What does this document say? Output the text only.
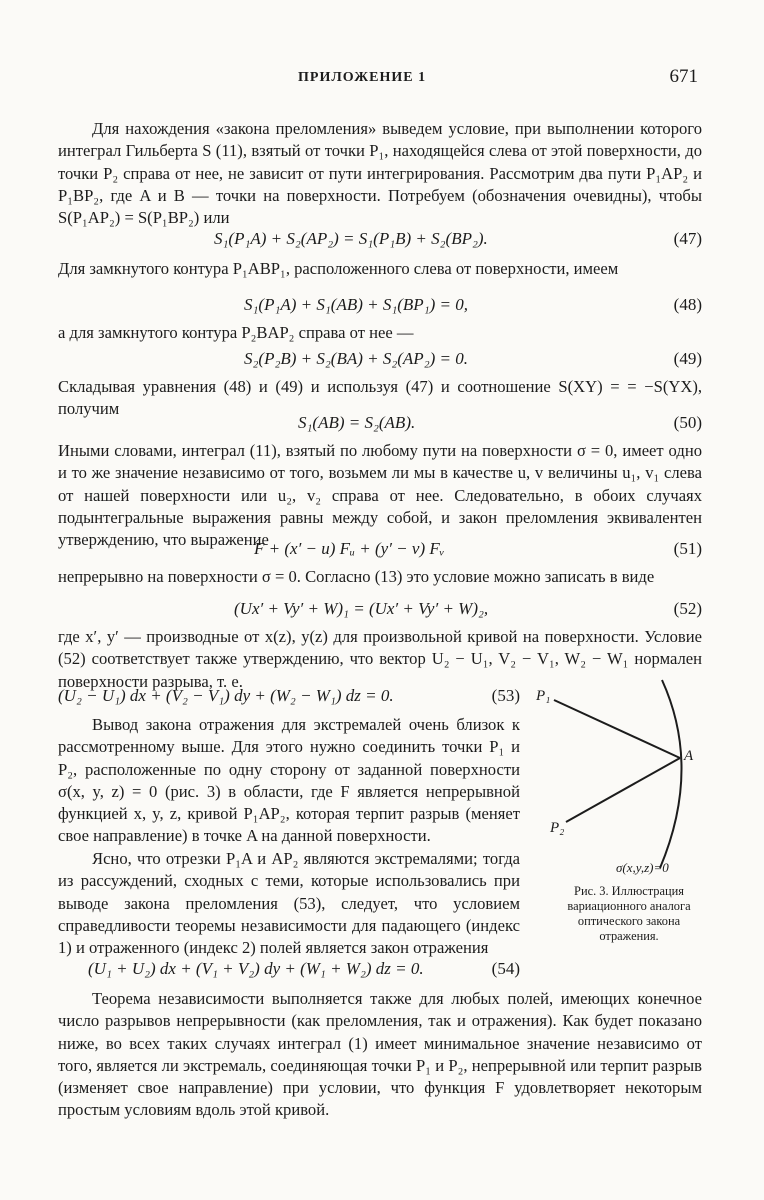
ПРИЛОЖЕНИЕ 1	671

Для нахождения «закона преломления» выведем условие, при выполнении которого интеграл Гильберта S (11), взятый от точки P₁, находящейся слева от этой поверхности, до точки P₂ справа от нее, не зависит от пути интегрирования. Рассмотрим два пути P₁AP₂ и P₁BP₂, где A и B — точки на поверхности. Потребуем (обозначения очевидны), чтобы S(P₁AP₂) = S(P₁BP₂) или

S₁(P₁A) + S₂(AP₂) = S₁(P₁B) + S₂(BP₂).	(47)

Для замкнутого контура P₁ABP₁, расположенного слева от поверхности, имеем

S₁(P₁A) + S₁(AB) + S₁(BP₁) = 0,	(48)

а для замкнутого контура P₂BAP₂ справа от нее —

S₂(P₂B) + S₂(BA) + S₂(AP₂) = 0.	(49)

Складывая уравнения (48) и (49) и используя (47) и соотношение S(XY) = = −S(YX), получим

S₁(AB) = S₂(AB).	(50)

Иными словами, интеграл (11), взятый по любому пути на поверхности σ = 0, имеет одно и то же значение независимо от того, возьмем ли мы в качестве u, v величины u₁, v₁ слева от нашей поверхности или u₂, v₂ справа от нее. Следовательно, в обоих случаях подынтегральные выражения равны между собой, и закон преломления эквивалентен утверждению, что выражение

F + (x′ − u) Fᵤ + (y′ − v) Fᵥ	(51)

непрерывно на поверхности σ = 0. Согласно (13) это условие можно записать в виде

(Ux′ + Vy′ + W)₁ = (Ux′ + Vy′ + W)₂,	(52)

где x′, y′ — производные от x(z), y(z) для произвольной кривой на поверхности. Условие (52) соответствует также утверждению, что вектор U₂ − U₁, V₂ − V₁, W₂ − W₁ нормален поверхности разрыва, т. е.

(U₂ − U₁) dx + (V₂ − V₁) dy + (W₂ − W₁) dz = 0.	(53)

Вывод закона отражения для экстремалей очень близок к рассмотренному выше. Для этого нужно соединить точки P₁ и P₂, расположенные по одну сторону от заданной поверхности σ(x, y, z) = 0 (рис. 3) в области, где F является непрерывной функцией x, y, z, кривой P₁AP₂, которая терпит разрыв (меняет свое направление) в точке A на данной поверхности.

Ясно, что отрезки P₁A и AP₂ являются экстремалями; тогда из рассуждений, сходных с теми, которые использовались при выводе закона преломления (53), следует, что условием справедливости теоремы независимости для падающего (индекс 1) и отраженного (индекс 2) полей является закон отражения

(U₁ + U₂) dx + (V₁ + V₂) dy + (W₁ + W₂) dz = 0.	(54)

Теорема независимости выполняется также для любых полей, имеющих конечное число разрывов непрерывности (как преломления, так и отражения). Как будет показано ниже, во всех таких случаях интеграл (1) имеет минимальное значение независимо от того, является ли экстремаль, соединяющая точки P₁ и P₂, непрерывной или терпит разрыв (изменяет свое направление) при условии, что функция F удовлетворяет некоторым простым условиям вдоль этой кривой.

P₁
A
P₂
σ(x,y,z)=0
Рис. 3. Иллюстрация вариационного аналога оптического закона отражения.
